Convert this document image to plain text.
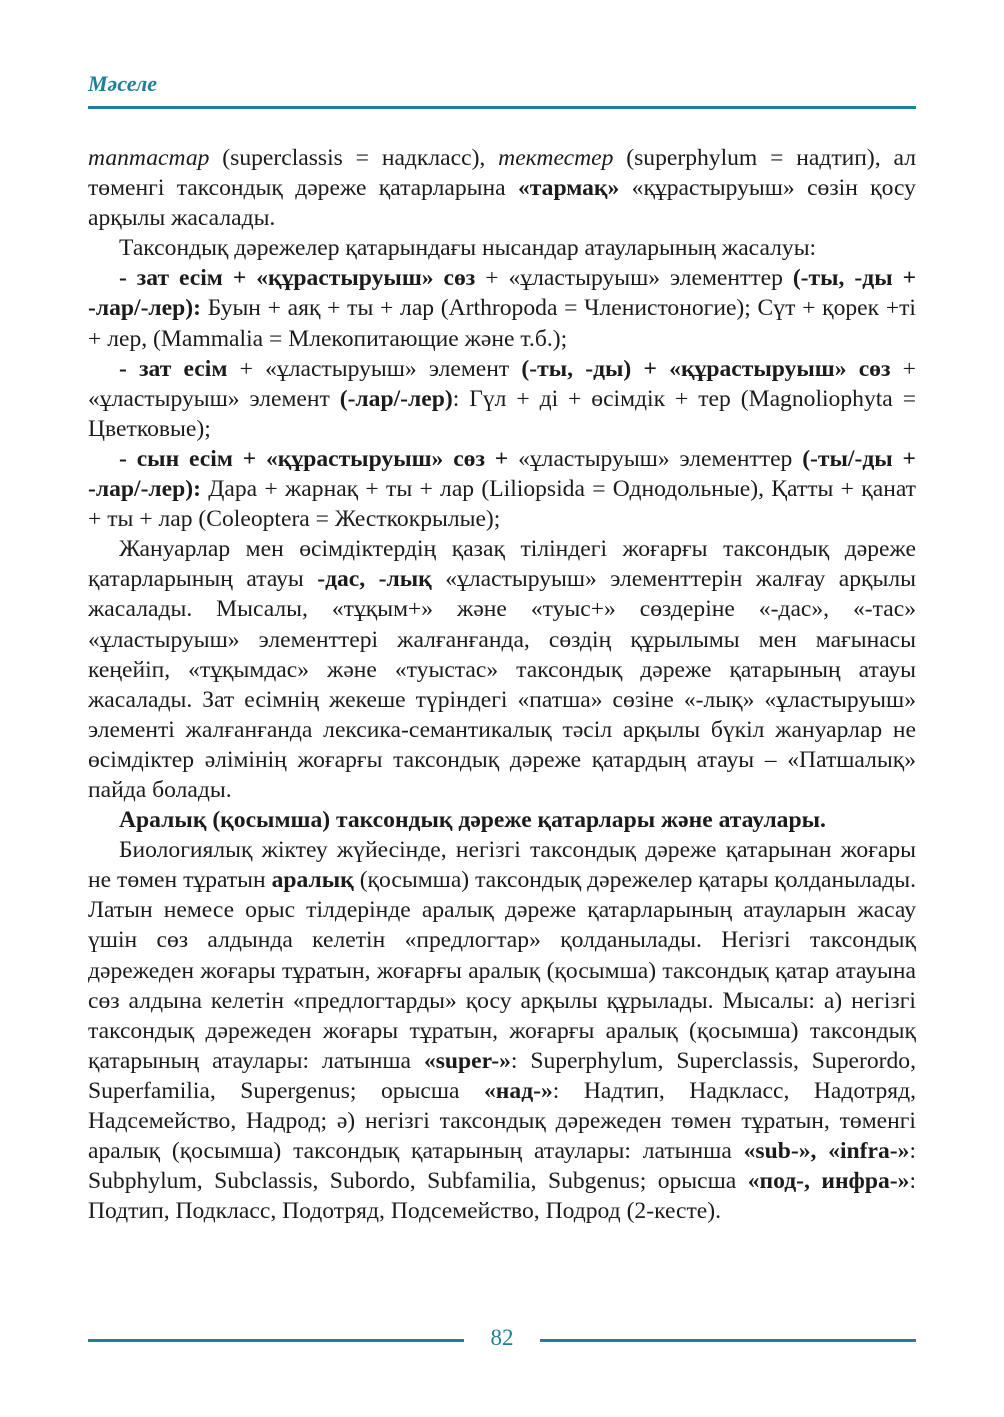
Мәселе

таптастар (superclassis = надкласс), тектестер (superphylum = надтип), ал төменгі таксондық дәреже қатарларына «тармақ» «құрастыруыш» сөзін қосу арқылы жасалады.

Таксондық дәрежелер қатарындағы нысандар атауларының жасалуы:

- зат есім + «құрастыруыш» сөз + «ұластыруыш» элементтер (-ты, -ды + -лар/-лер): Буын + аяқ + ты + лар (Arthropoda = Членистоногие); Сүт + қорек +ті + лер, (Mammalia = Млекопитающие және т.б.);

- зат есім + «ұластыруыш» элемент (-ты, -ды) + «құрастыруыш» сөз + «ұластыруыш» элемент (-лар/-лер): Гүл + ді + өсімдік + тер (Magnoliophyta = Цветковые);

- сын есім + «құрастыруыш» сөз + «ұластыруыш» элементтер (-ты/-ды + -лар/-лер): Дара + жарнақ + ты + лар (Liliopsida = Однодольные), Қатты + қанат + ты + лар (Coleoptera = Жесткокрылые);

Жануарлар мен өсімдіктердің қазақ тіліндегі жоғарғы таксондық дәреже қатарларының атауы -дас, -лық «ұластыруыш» элементтерін жалғау арқылы жасалады. Мысалы, «тұқым+» және «туыс+» сөздеріне «-дас», «-тас» «ұластыруыш» элементтері жалғанғанда, сөздің құрылымы мен мағынасы кеңейіп, «тұқымдас» және «туыстас» таксондық дәреже қатарының атауы жасалады. Зат есімнің жекеше түріндегі «патша» сөзіне «-лық» «ұластыруыш» элементі жалғанғанда лексика-семантикалық тәсіл арқылы бүкіл жануарлар не өсімдіктер әлімінің жоғарғы таксондық дәреже қатардың атауы – «Патшалық» пайда болады.

Аралық (қосымша) таксондық дәреже қатарлары және атаулары.

Биологиялық жіктеу жүйесінде, негізгі таксондық дәреже қатарынан жоғары не төмен тұратын аралық (қосымша) таксондық дәрежелер қатары қолданылады. Латын немесе орыс тілдерінде аралық дәреже қатарларының атауларын жасау үшін сөз алдында келетін «предлогтар» қолданылады. Негізгі таксондық дәрежеден жоғары тұратын, жоғарғы аралық (қосымша) таксондық қатар атауына сөз алдына келетін «предлогтарды» қосу арқылы құрылады. Мысалы: а) негізгі таксондық дәрежеден жоғары тұратын, жоғарғы аралық (қосымша) таксондық қатарының атаулары: латынша «super-»: Superphylum, Superclassis, Superordo, Superfamilia, Supergenus; орысша «над-»: Надтип, Надкласс, Надотряд, Надсемейство, Надрод; ә) негізгі таксондық дәрежеден төмен тұратын, төменгі аралық (қосымша) таксондық қатарының атаулары: латынша «sub-», «infra-»: Subphylum, Subclassis, Subordo, Subfamilia, Subgenus; орысша «под-, инфра-»: Подтип, Подкласс, Подотряд, Подсемейство, Подрод (2-кесте).

82
